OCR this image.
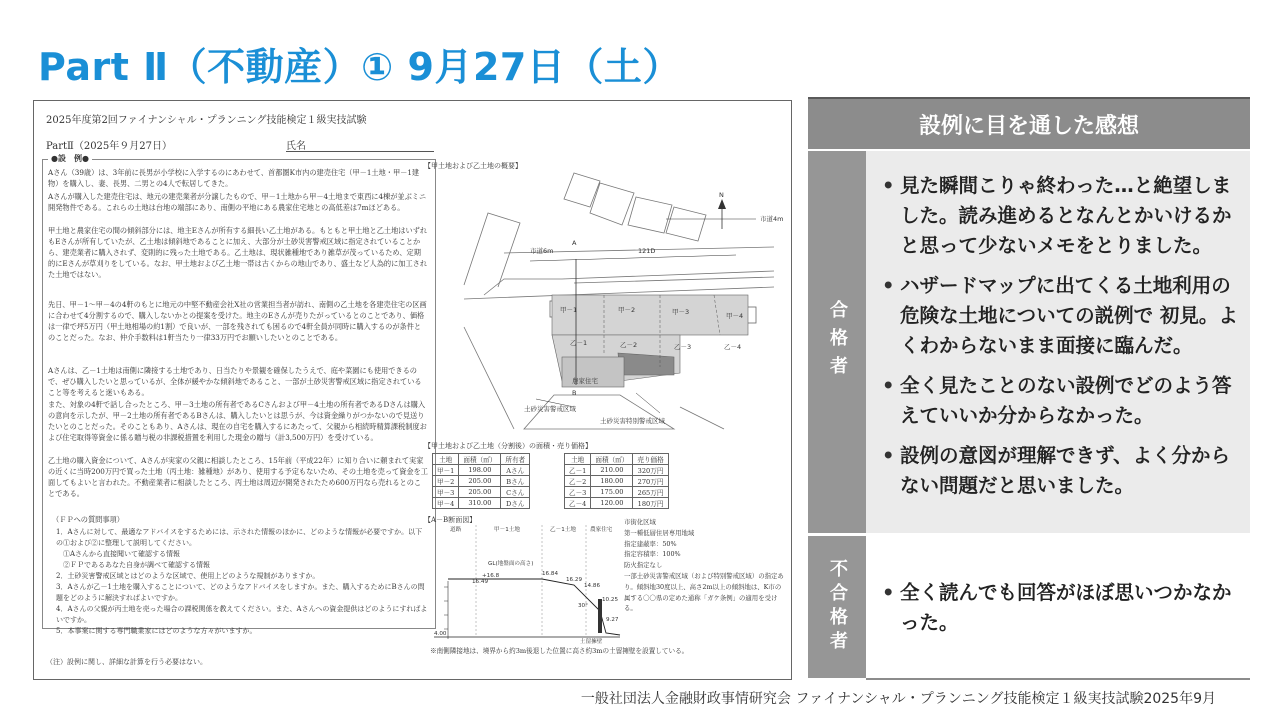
Part Ⅱ（不動産）① 9月27日（土）
2025年度第2回ファイナンシャル・プランニング技能検定１級実技試験
PartⅡ（2025年９月27日）	氏名
●設　例●

Aさん（39歳）は、3年前に長男が小学校に入学するのにあわせて、首都圏K市内の建売住宅（甲－1土地・甲－1建物）を購入し、妻、長男、二男との4人で転居してきた。

Aさんが購入した建売住宅は、地元の建売業者が分譲したもので、甲－1土地から甲－4土地まで東西に4棟が並ぶミニ開発物件である。これらの土地は台地の端部にあり、南側の平地にある農家住宅地との高低差は7mほどある。

甲土地と農家住宅の間の傾斜部分には、地主Eさんが所有する細長い乙土地がある。もともと甲土地と乙土地はいずれもEさんが所有していたが、乙土地は傾斜地であることに加え、大部分が土砂災害警戒区域に指定されていることから、建売業者に購入されず、変則的に残った土地である。乙土地は、現状雑種地であり雑草が茂っているため、定期的にEさんが草刈りをしている。なお、甲土地および乙土地一帯は古くからの地山であり、盛土など人為的に加工された土地ではない。

先日、甲－1～甲－4の4軒のもとに地元の中堅不動産会社X社の営業担当者が訪れ、南側の乙土地を各建売住宅の区画に合わせて4分割するので、購入しないかとの提案を受けた。地主のEさんが売りたがっているとのことであり、価格は一律で坪5万円（甲土地相場の約1割）で良いが、一部を残されても困るので4軒全員が同時に購入するのが条件とのことだった。なお、仲介手数料は1軒当たり一律33万円でお願いしたいとのことである。

Aさんは、乙－1土地は南側に隣接する土地であり、日当たりや景観を確保したうえで、庭や菜園にも使用できるので、ぜひ購入したいと思っているが、全体が緩やかな傾斜地であること、一部が土砂災害警戒区域に指定されていること等を考えると迷いもある。

また、対象の4軒で話し合ったところ、甲－3土地の所有者であるCさんおよび甲－4土地の所有者であるDさんは購入の意向を示したが、甲－2土地の所有者であるBさんは、購入したいとは思うが、今は資金繰りがつかないので見送りたいとのことだった。そのこともあり、Aさんは、現在の自宅を購入するにあたって、父親から相続時精算課税制度および住宅取得等資金に係る贈与税の非課税措置を利用した現金の贈与（計3,500万円）を受けている。

乙土地の購入資金について、Aさんが実家の父親に相談したところ、15年前（平成22年）に知り合いに頼まれて実家の近くに当時200万円で買った土地（丙土地：雑種地）があり、使用する予定もないため、その土地を売って資金を工面してもよいと言われた。不動産業者に相談したところ、丙土地は周辺が開発されたため600万円なら売れるとのことである。

（ＦＰへの質問事項）

1．Aさんに対して、最適なアドバイスをするためには、示された情報のほかに、どのような情報が必要ですか。以下の①および②に整理して説明してください。
　①Aさんから直接聞いて確認する情報
　②ＦＰであるあなた自身が調べて確認する情報
2．土砂災害警戒区域とはどのような区域で、使用上どのような規制がありますか。
3．Aさんが乙－1土地を購入することについて、どのようなアドバイスをしますか。また、購入するためにBさんの問題をどのように解決すればよいですか。
4．Aさんの父親が丙土地を売った場合の課税関係を教えてください。また、Aさんへの資金提供はどのようにすればよいですか。
5．本事案に関する専門職業家にはどのような方々がいますか。

（注）設例に関し、詳細な計算を行う必要はない。

【甲土地および乙土地の概要】
市道6m
市道4m
121D
N
A
B
甲－1	甲－2	甲－3	甲－4
乙－1	乙－2	乙－3	乙－4
農家住宅
土砂災害警戒区域
土砂災害特別警戒区域
【甲土地および乙土地（分割後）の面積・売り価格】
土地	面積（㎡）	所有者
甲－1	198.00	Aさん
甲－2	205.00	Bさん
甲－3	205.00	Cさん
甲－4	310.00	Dさん
土地	面積（㎡）	売り価格
乙－1	210.00	320万円
乙－2	180.00	270万円
乙－3	175.00	265万円
乙－4	120.00	180万円
【A－B断面図】
道路	甲－1土地	乙－1土地	農家住宅
GL(地盤面の高さ)
+16.8
16.49
16.84
16.29
14.86
10.25
9.27
4.00
30°
土留擁壁
市街化区域
第一種低層住居専用地域
指定建蔽率：50%
指定容積率：100%
防火指定なし
一部土砂災害警戒区域（および特別警戒区域）の指定あり。傾斜地30度以上、高さ2m以上の傾斜地は、K市の属する〇〇県の定めた通称「ガケ条例」の適用を受ける。
※南側隣接地は、境界から約3m後退した位置に高さ約3mの土留擁壁を設置している。
設例に目を通した感想
合格者
• 見た瞬間こりゃ終わった…と絶望しました。読み進めるとなんとかいけるかと思って少ないメモをとりました。
• ハザードマップに出てくる土地利用の危険な土地についての説例で 初見。よくわからないまま面接に臨んだ。
• 全く見たことのない設例でどのよう答えていいか分からなかった。
• 設例の意図が理解できず、よく分からない問題だと思いました。
不合格者	• 全く読んでも回答がほぼ思いつかなかった。
一般社団法人金融財政事情研究会 ファイナンシャル・プランニング技能検定１級実技試験2025年9月
